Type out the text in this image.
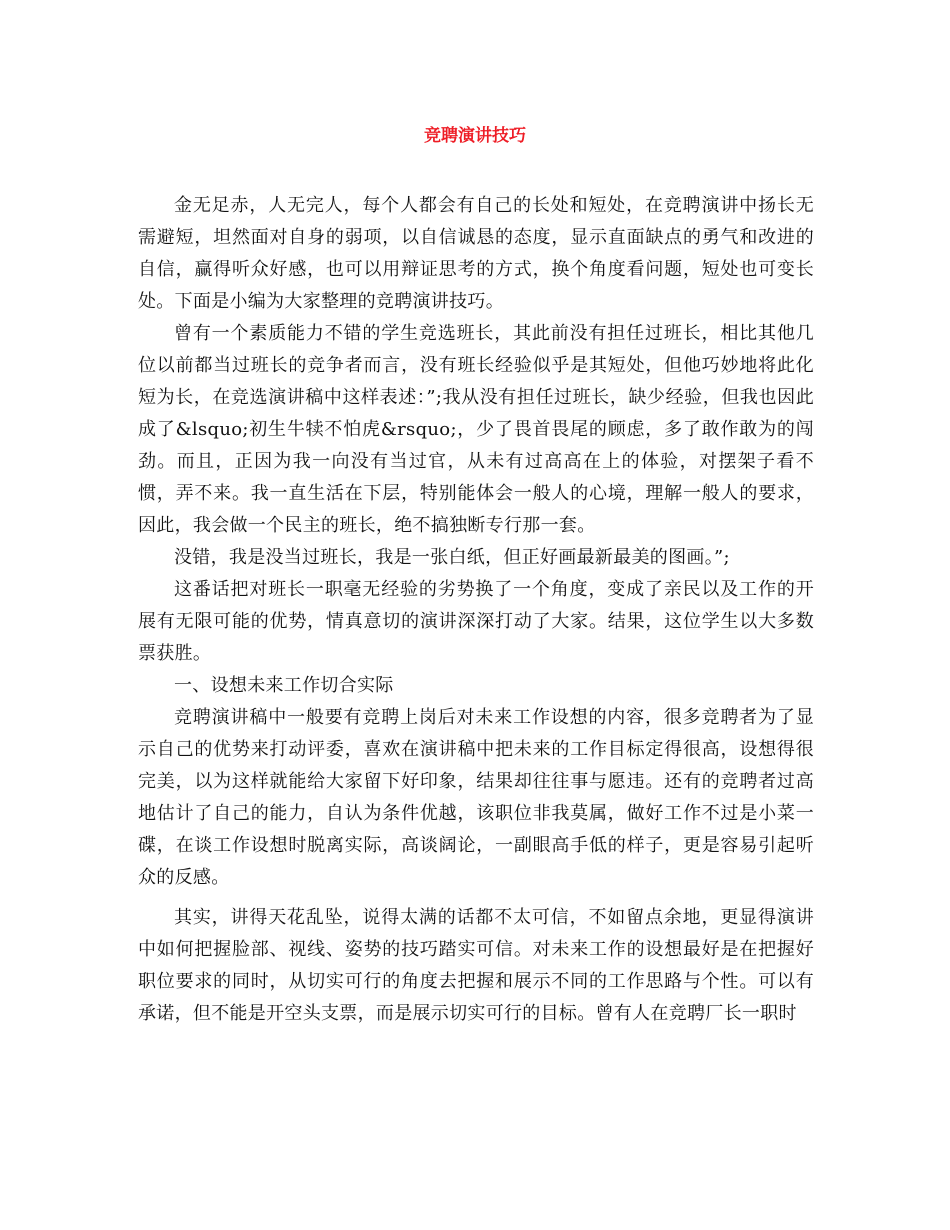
竞聘演讲技巧

金无足赤，人无完人，每个人都会有自己的长处和短处，在竞聘演讲中扬长无需避短，坦然面对自身的弱项，以自信诚恳的态度，显示直面缺点的勇气和改进的自信，赢得听众好感，也可以用辩证思考的方式，换个角度看问题，短处也可变长处。下面是小编为大家整理的竞聘演讲技巧。

曾有一个素质能力不错的学生竞选班长，其此前没有担任过班长，相比其他几位以前都当过班长的竞争者而言，没有班长经验似乎是其短处，但他巧妙地将此化短为长，在竞选演讲稿中这样表述：”;我从没有担任过班长，缺少经验，但我也因此成了&lsquo;初生牛犊不怕虎&rsquo;，少了畏首畏尾的顾虑，多了敢作敢为的闯劲。而且，正因为我一向没有当过官，从未有过高高在上的体验，对摆架子看不惯，弄不来。我一直生活在下层，特别能体会一般人的心境，理解一般人的要求，因此，我会做一个民主的班长，绝不搞独断专行那一套。

没错，我是没当过班长，我是一张白纸，但正好画最新最美的图画。”;

这番话把对班长一职毫无经验的劣势换了一个角度，变成了亲民以及工作的开展有无限可能的优势，情真意切的演讲深深打动了大家。结果，这位学生以大多数票获胜。

一、设想未来工作切合实际

竞聘演讲稿中一般要有竞聘上岗后对未来工作设想的内容，很多竞聘者为了显示自己的优势来打动评委，喜欢在演讲稿中把未来的工作目标定得很高，设想得很完美，以为这样就能给大家留下好印象，结果却往往事与愿违。还有的竞聘者过高地估计了自己的能力，自认为条件优越，该职位非我莫属，做好工作不过是小菜一碟，在谈工作设想时脱离实际，高谈阔论，一副眼高手低的样子，更是容易引起听众的反感。

其实，讲得天花乱坠，说得太满的话都不太可信，不如留点余地，更显得演讲中如何把握脸部、视线、姿势的技巧踏实可信。对未来工作的设想最好是在把握好职位要求的同时，从切实可行的角度去把握和展示不同的工作思路与个性。可以有承诺，但不能是开空头支票，而是展示切实可行的目标。曾有人在竞聘厂长一职时
